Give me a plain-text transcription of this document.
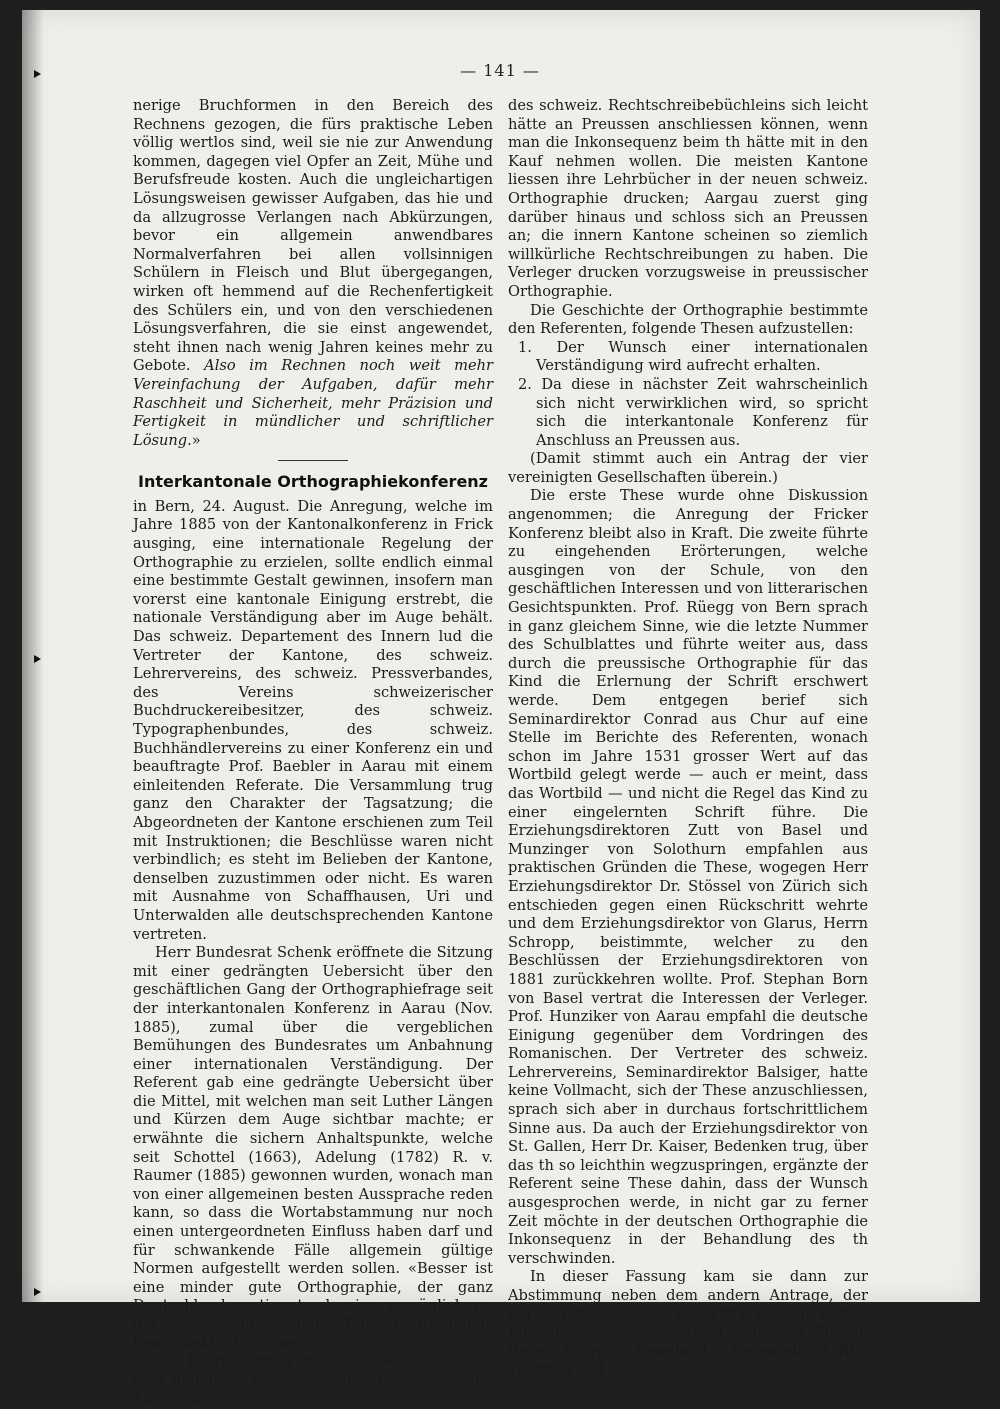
— 141 —

nerige Bruchformen in den Bereich des Rechnens gezogen, die fürs praktische Leben völlig wertlos sind, weil sie nie zur Anwendung kommen, dagegen viel Opfer an Zeit, Mühe und Berufsfreude kosten. Auch die ungleichartigen Lösungsweisen gewisser Aufgaben, das hie und da allzugrosse Verlangen nach Abkürzungen, bevor ein allgemein anwendbares Normalverfahren bei allen vollsinnigen Schülern in Fleisch und Blut übergegangen, wirken oft hemmend auf die Rechenfertigkeit des Schülers ein, und von den verschiedenen Lösungsverfahren, die sie einst angewendet, steht ihnen nach wenig Jahren keines mehr zu Gebote. Also im Rechnen noch weit mehr Vereinfachung der Aufgaben, dafür mehr Raschheit und Sicherheit, mehr Präzision und Fertigkeit in mündlicher und schriftlicher Lösung.»

Interkantonale Orthographiekonferenz

in Bern, 24. August. Die Anregung, welche im Jahre 1885 von der Kantonalkonferenz in Frick ausging, eine internationale Regelung der Orthographie zu erzielen, sollte endlich einmal eine bestimmte Gestalt gewinnen, insofern man vorerst eine kantonale Einigung erstrebt, die nationale Verständigung aber im Auge behält. Das schweiz. Departement des Innern lud die Vertreter der Kantone, des schweiz. Lehrervereins, des schweiz. Pressverbandes, des Vereins schweizerischer Buchdruckereibesitzer, des schweiz. Typographenbundes, des schweiz. Buchhändlervereins zu einer Konferenz ein und beauftragte Prof. Baebler in Aarau mit einem einleitenden Referate. Die Versammlung trug ganz den Charakter der Tagsatzung; die Abgeordneten der Kantone erschienen zum Teil mit Instruktionen; die Beschlüsse waren nicht verbindlich; es steht im Belieben der Kantone, denselben zuzustimmen oder nicht. Es waren mit Ausnahme von Schaffhausen, Uri und Unterwalden alle deutschsprechenden Kantone vertreten.

Herr Bundesrat Schenk eröffnete die Sitzung mit einer gedrängten Uebersicht über den geschäftlichen Gang der Orthographiefrage seit der interkantonalen Konferenz in Aarau (Nov. 1885), zumal über die vergeblichen Bemühungen des Bundesrates um Anbahnung einer internationalen Verständigung. Der Referent gab eine gedrängte Uebersicht über die Mittel, mit welchen man seit Luther Längen und Kürzen dem Auge sichtbar machte; er erwähnte die sichern Anhaltspunkte, welche seit Schottel (1663), Adelung (1782) R. v. Raumer (1885) gewonnen wurden, wonach man von einer allgemeinen besten Aussprache reden kann, so dass die Wortabstammung nur noch einen untergeordneten Einfluss haben darf und für schwankende Fälle allgemein gültige Normen aufgestellt werden sollen. «Besser ist eine minder gute Orthographie, der ganz Deutschland zustimmt, als eine vorzüglichere, die sich auf einen Teil Deutschlands beschränkt». (Raumer).

Die Bestrebungen in der Schweiz waren so weit gediehen, dass man 1881 bei dem neuen Abdrucke

des schweiz. Rechtschreibebüchleins sich leicht hätte an Preussen anschliessen können, wenn man die Inkonsequenz beim th hätte mit in den Kauf nehmen wollen. Die meisten Kantone liessen ihre Lehrbücher in der neuen schweiz. Orthographie drucken; Aargau zuerst ging darüber hinaus und schloss sich an Preussen an; die innern Kantone scheinen so ziemlich willkürliche Rechtschreibungen zu haben. Die Verleger drucken vorzugsweise in preussischer Orthographie.

Die Geschichte der Orthographie bestimmte den Referenten, folgende Thesen aufzustellen:

1. Der Wunsch einer internationalen Verständigung wird aufrecht erhalten.

2. Da diese in nächster Zeit wahrscheinlich sich nicht verwirklichen wird, so spricht sich die interkantonale Konferenz für Anschluss an Preussen aus.

(Damit stimmt auch ein Antrag der vier vereinigten Gesellschaften überein.)

Die erste These wurde ohne Diskussion angenommen; die Anregung der Fricker Konferenz bleibt also in Kraft. Die zweite führte zu eingehenden Erörterungen, welche ausgingen von der Schule, von den geschäftlichen Interessen und von litterarischen Gesichtspunkten. Prof. Rüegg von Bern sprach in ganz gleichem Sinne, wie die letzte Nummer des Schulblattes und führte weiter aus, dass durch die preussische Orthographie für das Kind die Erlernung der Schrift erschwert werde. Dem entgegen berief sich Seminardirektor Conrad aus Chur auf eine Stelle im Berichte des Referenten, wonach schon im Jahre 1531 grosser Wert auf das Wortbild gelegt werde — auch er meint, dass das Wortbild — und nicht die Regel das Kind zu einer eingelernten Schrift führe. Die Erziehungsdirektoren Zutt von Basel und Munzinger von Solothurn empfahlen aus praktischen Gründen die These, wogegen Herr Erziehungsdirektor Dr. Stössel von Zürich sich entschieden gegen einen Rückschritt wehrte und dem Erziehungsdirektor von Glarus, Herrn Schropp, beistimmte, welcher zu den Beschlüssen der Erziehungsdirektoren von 1881 zurückkehren wollte. Prof. Stephan Born von Basel vertrat die Interessen der Verleger. Prof. Hunziker von Aarau empfahl die deutsche Einigung gegenüber dem Vordringen des Romanischen. Der Vertreter des schweiz. Lehrervereins, Seminardirektor Balsiger, hatte keine Vollmacht, sich der These anzuschliessen, sprach sich aber in durchaus fortschrittlichem Sinne aus. Da auch der Erziehungsdirektor von St. Gallen, Herr Dr. Kaiser, Bedenken trug, über das th so leichthin wegzuspringen, ergänzte der Referent seine These dahin, dass der Wunsch ausgesprochen werde, in nicht gar zu ferner Zeit möchte in der deutschen Orthographie die Inkonsequenz in der Behandlung des th verschwinden.

In dieser Fassung kam sie dann zur Abstimmung neben dem andern Antrage, der bei den Beschlüssen von 1881 bleiben wollte. Für diesen zweiten Antrag stimmten Zürich, Bern, Glarus, Baselland, Appenzell A.-Rh., Thurgau und
